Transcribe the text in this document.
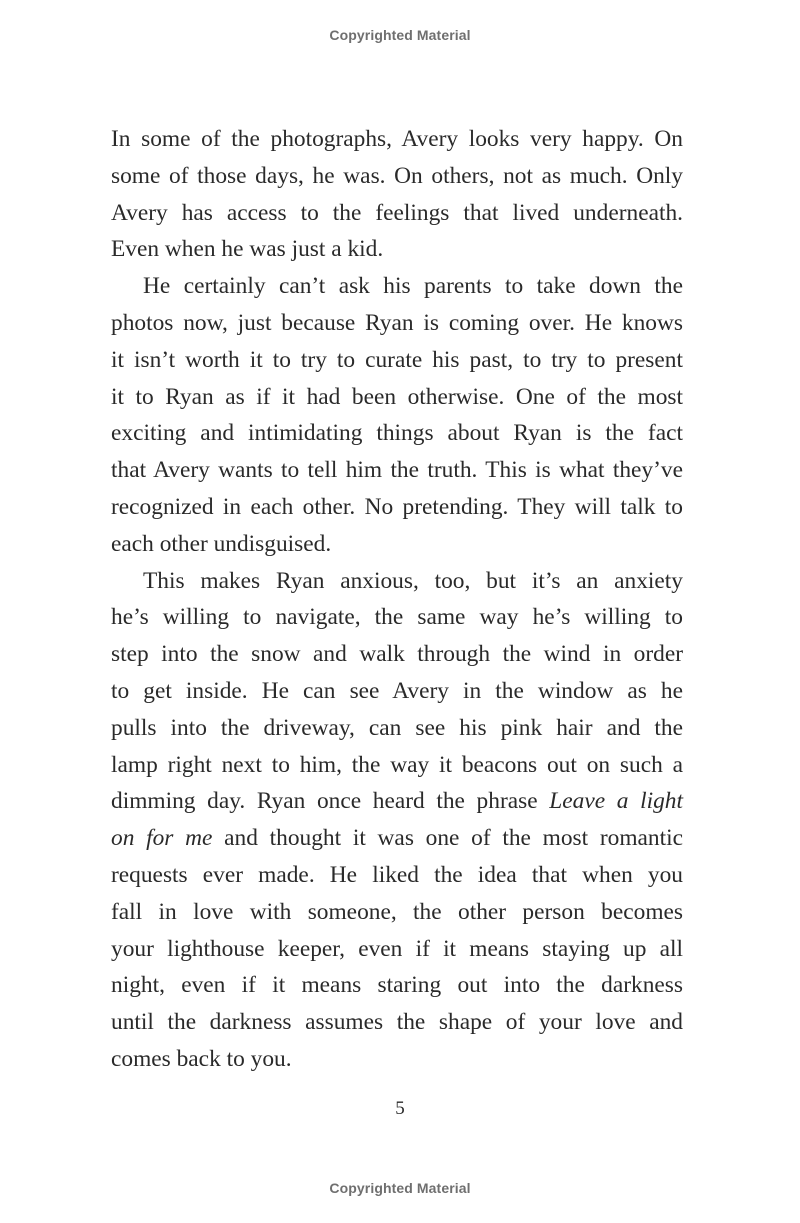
Copyrighted Material
In some of the photographs, Avery looks very happy. On
some of those days, he was. On others, not as much. Only
Avery has access to the feelings that lived underneath.
Even when he was just a kid.
He certainly can’t ask his parents to take down the
photos now, just because Ryan is coming over. He knows
it isn’t worth it to try to curate his past, to try to present
it to Ryan as if it had been otherwise. One of the most
exciting and intimidating things about Ryan is the fact
that Avery wants to tell him the truth. This is what they’ve
recognized in each other. No pretending. They will talk to
each other undisguised.
This makes Ryan anxious, too, but it’s an anxiety
he’s willing to navigate, the same way he’s willing to
step into the snow and walk through the wind in order
to get inside. He can see Avery in the window as he
pulls into the driveway, can see his pink hair and the
lamp right next to him, the way it beacons out on such a
dimming day. Ryan once heard the phrase Leave a light
on for me and thought it was one of the most romantic
requests ever made. He liked the idea that when you
fall in love with someone, the other person becomes
your lighthouse keeper, even if it means staying up all
night, even if it means staring out into the darkness
until the darkness assumes the shape of your love and
comes back to you.
5
Copyrighted Material
